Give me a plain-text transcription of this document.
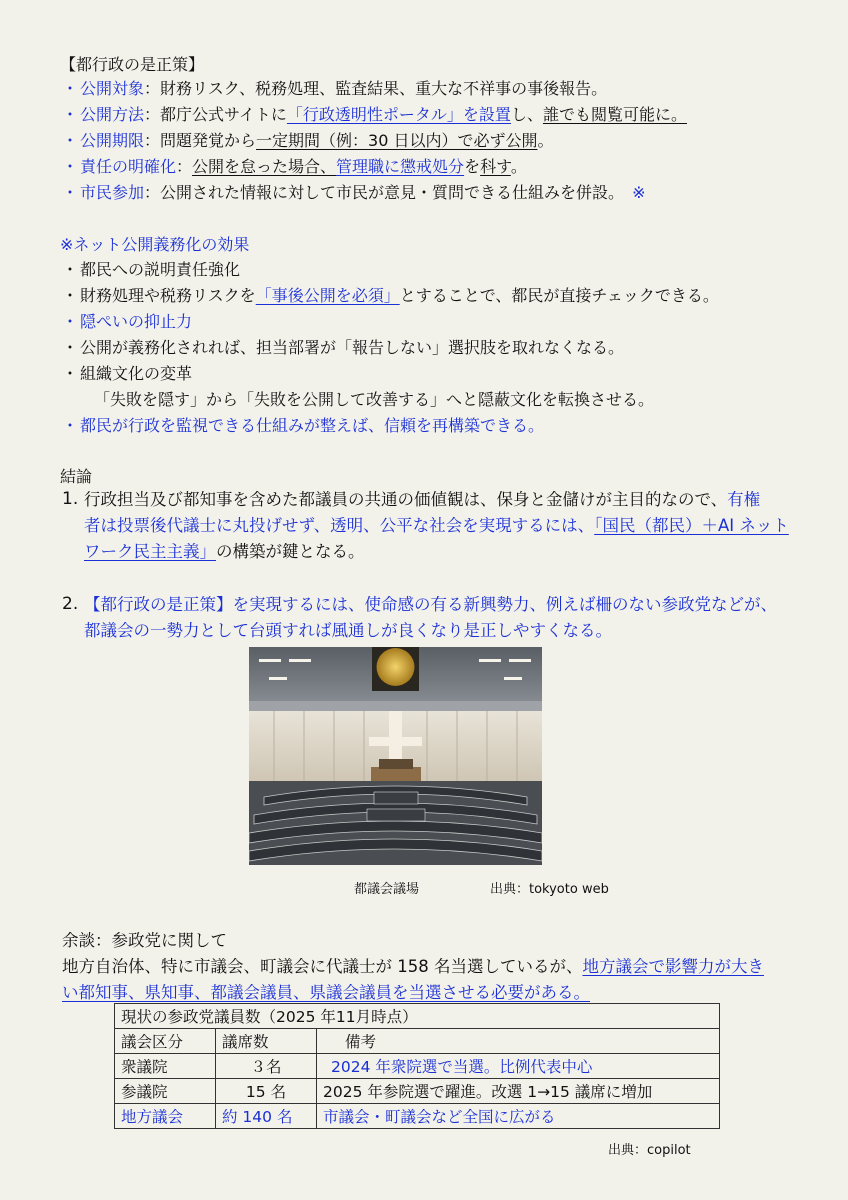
【都行政の是正策】
・ 公開対象：財務リスク、税務処理、監査結果、重大な不祥事の事後報告。
・ 公開方法：都庁公式サイトに「行政透明性ポータル」を設置し、誰でも閲覧可能に。
・ 公開期限：問題発覚から一定期間（例：30 日以内）で必ず公開。
・ 責任の明確化：公開を怠った場合、管理職に懲戒処分を科す。
・ 市民参加：公開された情報に対して市民が意見・質問できる仕組みを併設。　 ※
※ネット公開義務化の効果
・ 都民への説明責任強化
・ 財務処理や税務リスクを「事後公開を必須」とすることで、都民が直接チェックできる。
・ 隠ぺいの抑止力
・ 公開が義務化されれば、担当部署が「報告しない」選択肢を取れなくなる。
・ 組織文化の変革
「失敗を隠す」から「失敗を公開して改善する」へと隠蔽文化を転換させる。
・ 都民が行政を監視できる仕組みが整えば、信頼を再構築できる。
結論
1. 行政担当及び都知事を含めた都議員の共通の価値観は、保身と金儲けが主目的なので、有権
者は投票後代議士に丸投げせず、透明、公平な社会を実現するには、「国民（都民）＋AI ネット
ワーク民主主義」の構築が鍵となる。
2. 【都行政の是正策】を実現するには、使命感の有る新興勢力、例えば柵のない参政党などが、
都議会の一勢力として台頭すれば風通しが良くなり是正しやすくなる。
都議会議場	出典：tokyoto web
余談：参政党に関して
地方自治体、特に市議会、町議会に代議士が 158 名当選しているが、地方議会で影響力が大き
い都知事、県知事、都議会議員、県議会議員を当選させる必要がある。
現状の参政党議員数（2025 年11月時点）		
議会区分	議席数	備考
衆議院	３名	2024 年衆院選で当選。比例代表中心
参議院	15 名	2025 年参院選で躍進。改選 1→15 議席に増加
地方議会	約 140 名	市議会・町議会など全国に広がる
出典：copilot
